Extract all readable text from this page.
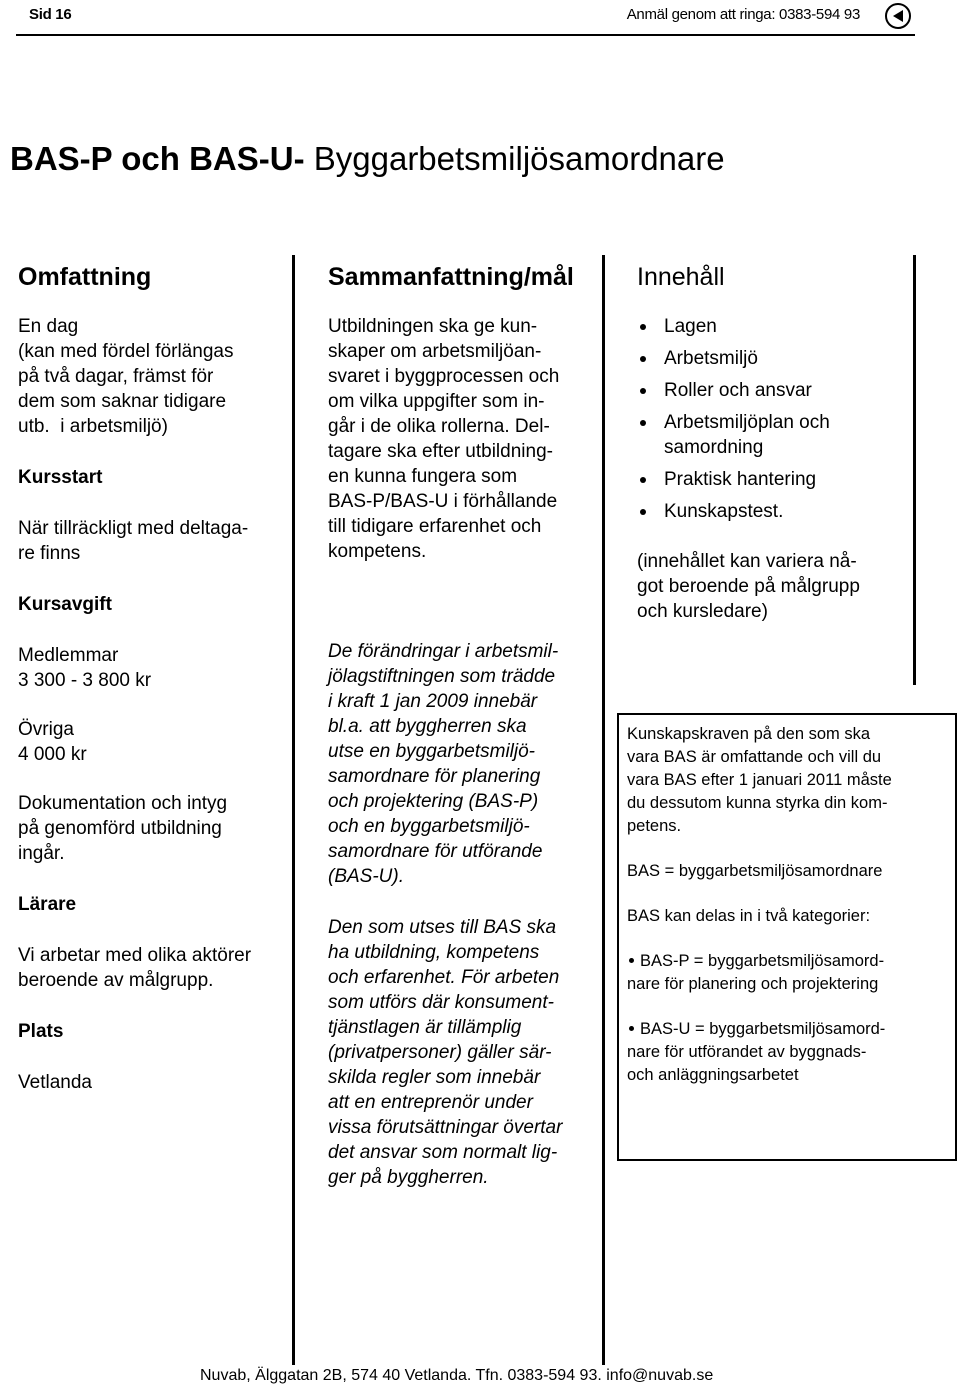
Sid 16	Anmäl genom att ringa: 0383-594 93
BAS-P och BAS-U- Byggarbetsmiljösamordnare
Omfattning

En dag

(kan med fördel förlängas

på två dagar, främst för

dem som saknar tidigare

utb.  i arbetsmiljö)

Kursstart

När tillräckligt med deltaga-

re finns

Kursavgift

Medlemmar

3 300 - 3 800 kr

Övriga

4 000 kr

Dokumentation och intyg

på genomförd utbildning

ingår.

Lärare

Vi arbetar med olika aktörer

beroende av målgrupp.

Plats

Vetlanda

Sammanfattning/mål

Utbildningen ska ge kun-

skaper om arbetsmiljöan-

svaret i byggprocessen och

om vilka uppgifter som in-

går i de olika rollerna. Del-

tagare ska efter utbildning-

en kunna fungera som

BAS-P/BAS-U i förhållande

till tidigare erfarenhet och

kompetens.

De förändringar i arbetsmil-

jölagstiftningen som trädde

i kraft 1 jan 2009 innebär

bl.a. att byggherren ska

utse en byggarbetsmiljö-

samordnare för planering

och projektering (BAS-P)

och en byggarbetsmiljö-

samordnare för utförande

(BAS-U).

Den som utses till BAS ska

ha utbildning, kompetens

och erfarenhet. För arbeten

som utförs där konsument-

tjänstlagen är tillämplig

(privatpersoner) gäller sär-

skilda regler som innebär

att en entreprenör under

vissa förutsättningar övertar

det ansvar som normalt lig-

ger på byggherren.

Innehåll
Lagen
Arbetsmiljö
Roller och ansvar
Arbetsmiljöplan och
samordning
Praktisk hantering
Kunskapstest.

(innehållet kan variera nå-

got beroende på målgrupp

och kursledare)

Kunskapskraven på den som ska

vara BAS är omfattande och vill du

vara BAS efter 1 januari 2011 måste

du dessutom kunna styrka din kom-

petens.

BAS = byggarbetsmiljösamordnare

BAS kan delas in i två kategorier:

BAS-P = byggarbetsmiljösamord-

nare för planering och projektering

BAS-U = byggarbetsmiljösamord-

nare för utförandet av byggnads-

och anläggningsarbetet

Nuvab, Älggatan 2B, 574 40 Vetlanda. Tfn. 0383-594 93. info@nuvab.se
